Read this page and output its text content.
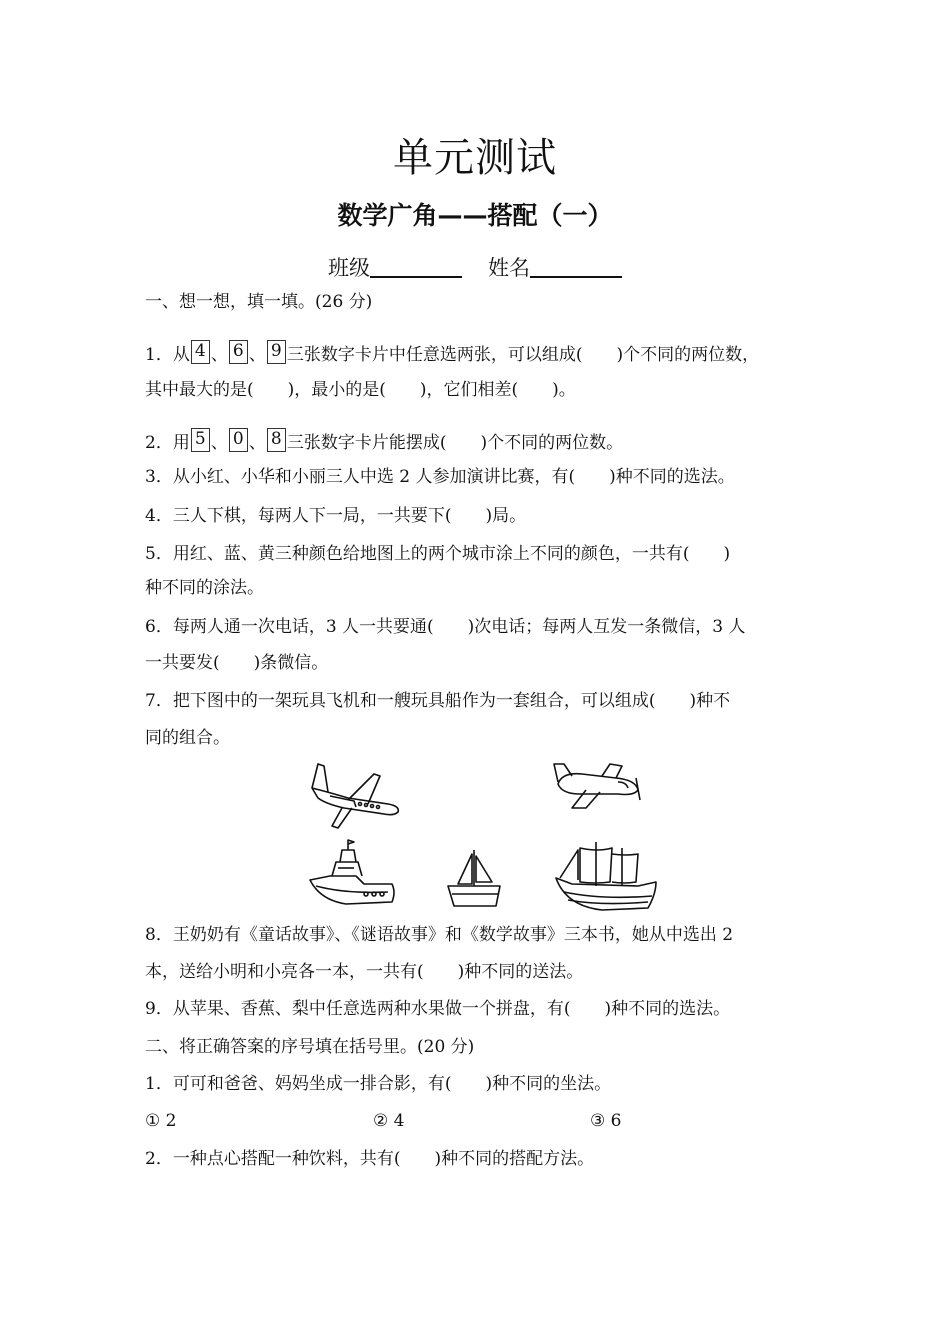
单元测试
数学广角——搭配（一）
班级	姓名
一、想一想，填一填。(26 分)
1．从 4 、 6 、 9 三张数字卡片中任意选两张，可以组成(　　)个不同的两位数，
其中最大的是(　　)，最小的是(　　)，它们相差(　　)。
2．用 5 、 0 、 8 三张数字卡片能摆成(　　)个不同的两位数。
3．从小红、小华和小丽三人中选 2 人参加演讲比赛，有(　　)种不同的选法。
4．三人下棋，每两人下一局，一共要下(　　)局。
5．用红、蓝、黄三种颜色给地图上的两个城市涂上不同的颜色，一共有(　　)
种不同的涂法。
6．每两人通一次电话，3 人一共要通(　　)次电话；每两人互发一条微信，3 人
一共要发(　　)条微信。
7．把下图中的一架玩具飞机和一艘玩具船作为一套组合，可以组成(　　)种不
同的组合。
8．王奶奶有《童话故事》、《谜语故事》和《数学故事》三本书，她从中选出 2
本，送给小明和小亮各一本，一共有(　　)种不同的送法。
9．从苹果、香蕉、梨中任意选两种水果做一个拼盘，有(　　)种不同的选法。
二、将正确答案的序号填在括号里。(20 分)
1．可可和爸爸、妈妈坐成一排合影，有(　　)种不同的坐法。
① 2	② 4	③ 6
2．一种点心搭配一种饮料，共有(　　)种不同的搭配方法。
